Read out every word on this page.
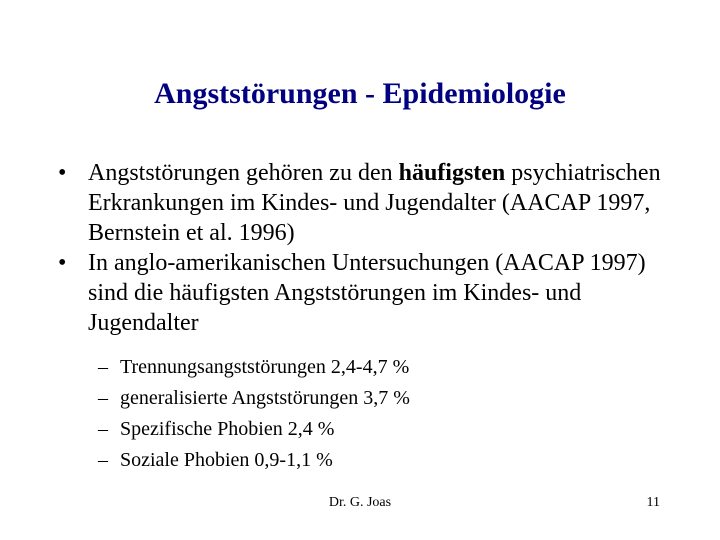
Angststörungen - Epidemiologie
• Angststörungen gehören zu den häufigsten psychiatrischen Erkrankungen im Kindes- und Jugendalter (AACAP 1997, Bernstein et al. 1996)
• In anglo-amerikanischen Untersuchungen (AACAP 1997) sind die häufigsten Angststörungen im Kindes- und Jugendalter
– Trennungsangststörungen 2,4-4,7 %
– generalisierte Angststörungen 3,7 %
– Spezifische Phobien 2,4 %
– Soziale Phobien 0,9-1,1 %
Dr. G. Joas	11
